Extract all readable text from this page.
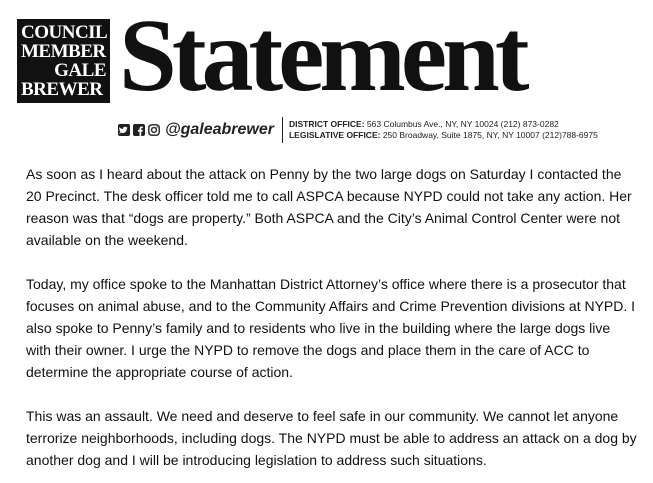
COUNCIL
MEMBER
GALE
BREWER Statement
@galeabrewer DISTRICT OFFICE: 563 Columbus Ave., NY, NY 10024 (212) 873-0282
LEGISLATIVE OFFICE: 250 Broadway, Suite 1875, NY, NY 10007 (212)788-6975

As soon as I heard about the attack on Penny by the two large dogs on Saturday I contacted the 20 Precinct. The desk officer told me to call ASPCA because NYPD could not take any action. Her reason was that “dogs are property.” Both ASPCA and the City’s Animal Control Center were not available on the weekend.

Today, my office spoke to the Manhattan District Attorney’s office where there is a prosecutor that focuses on animal abuse, and to the Community Affairs and Crime Prevention divisions at NYPD. I also spoke to Penny’s family and to residents who live in the building where the large dogs live with their owner. I urge the NYPD to remove the dogs and place them in the care of ACC to determine the appropriate course of action.

This was an assault. We need and deserve to feel safe in our community. We cannot let anyone terrorize neighborhoods, including dogs. The NYPD must be able to address an attack on a dog by another dog and I will be introducing legislation to address such situations.
